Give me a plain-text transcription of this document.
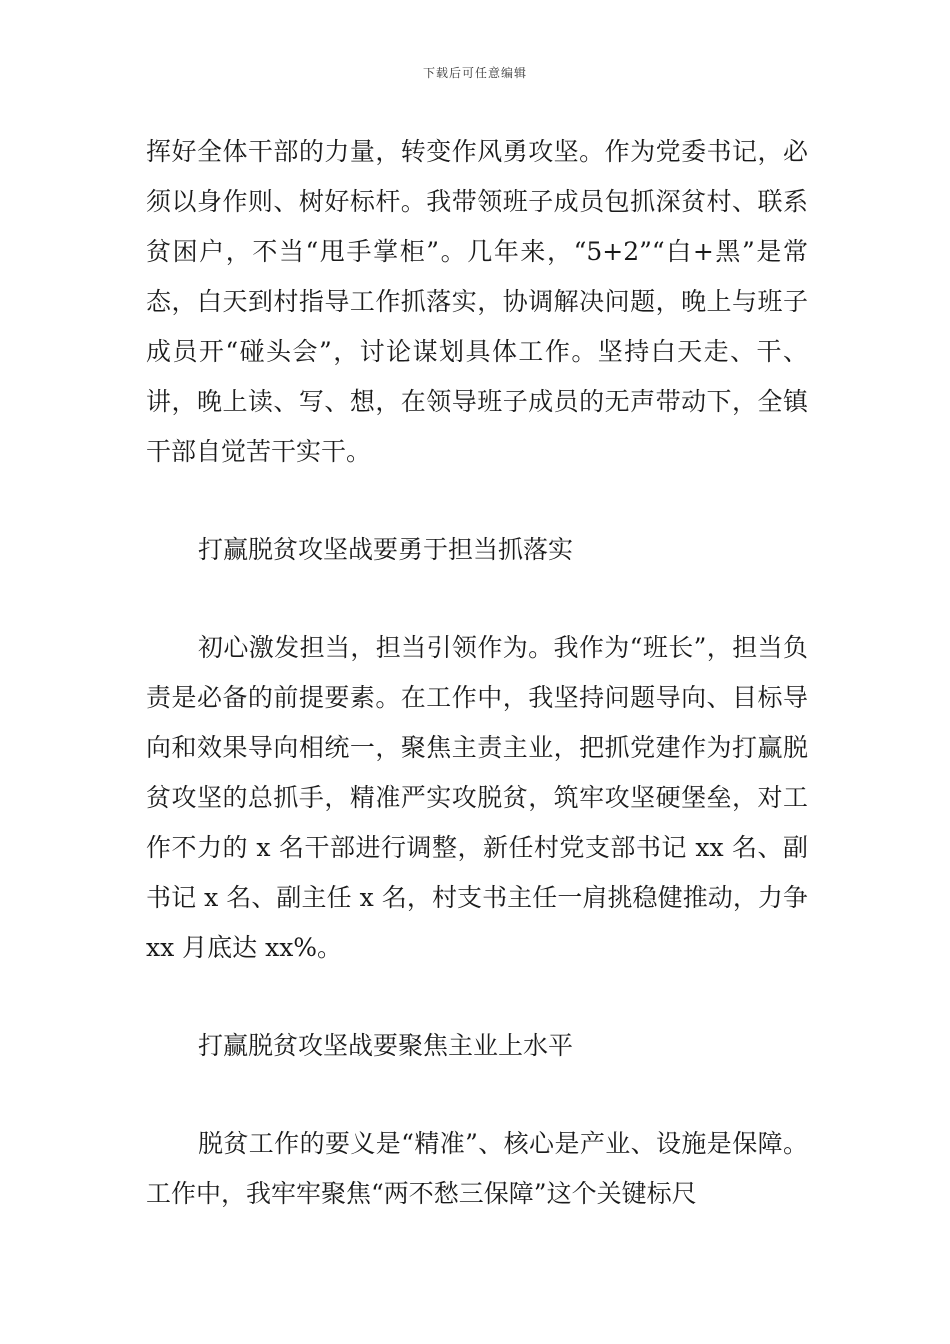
下载后可任意编辑

挥好全体干部的力量，转变作风勇攻坚。作为党委书记，必须以身作则、树好标杆。我带领班子成员包抓深贫村、联系贫困户，不当“甩手掌柜”。几年来，“5+2”“白+黑”是常态，白天到村指导工作抓落实，协调解决问题，晚上与班子成员开“碰头会”，讨论谋划具体工作。坚持白天走、干、讲，晚上读、写、想，在领导班子成员的无声带动下，全镇干部自觉苦干实干。

打赢脱贫攻坚战要勇于担当抓落实

初心激发担当，担当引领作为。我作为“班长”，担当负责是必备的前提要素。在工作中，我坚持问题导向、目标导向和效果导向相统一，聚焦主责主业，把抓党建作为打赢脱贫攻坚的总抓手，精准严实攻脱贫，筑牢攻坚硬堡垒，对工作不力的 x 名干部进行调整，新任村党支部书记 xx 名、副书记 x 名、副主任 x 名，村支书主任一肩挑稳健推动，力争 xx 月底达 xx%。

打赢脱贫攻坚战要聚焦主业上水平

脱贫工作的要义是“精准”、核心是产业、设施是保障。工作中，我牢牢聚焦“两不愁三保障”这个关键标尺
